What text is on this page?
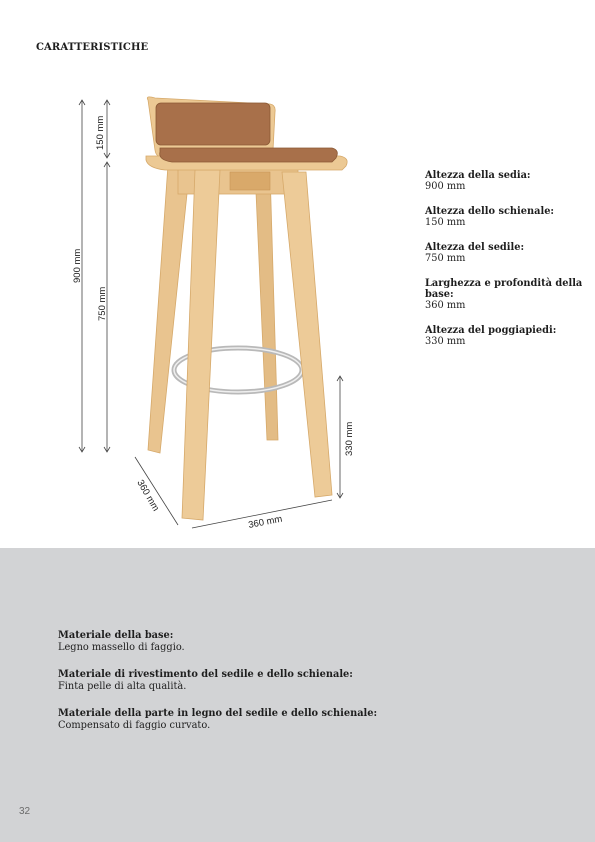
CARATTERISTICHE
150 mm
900 mm
750 mm
330 mm
360 mm
360 mm
Altezza della sedia:
900 mm
Altezza dello schienale:
150 mm
Altezza del sedile:
750 mm
Larghezza e profondità della base:
360 mm
Altezza del poggiapiedi:
330 mm
Materiale della base:
Legno massello di faggio.
Materiale di rivestimento del sedile e dello schienale:
Finta pelle di alta qualità.
Materiale della parte in legno del sedile e dello schienale:
Compensato di faggio curvato.
32
